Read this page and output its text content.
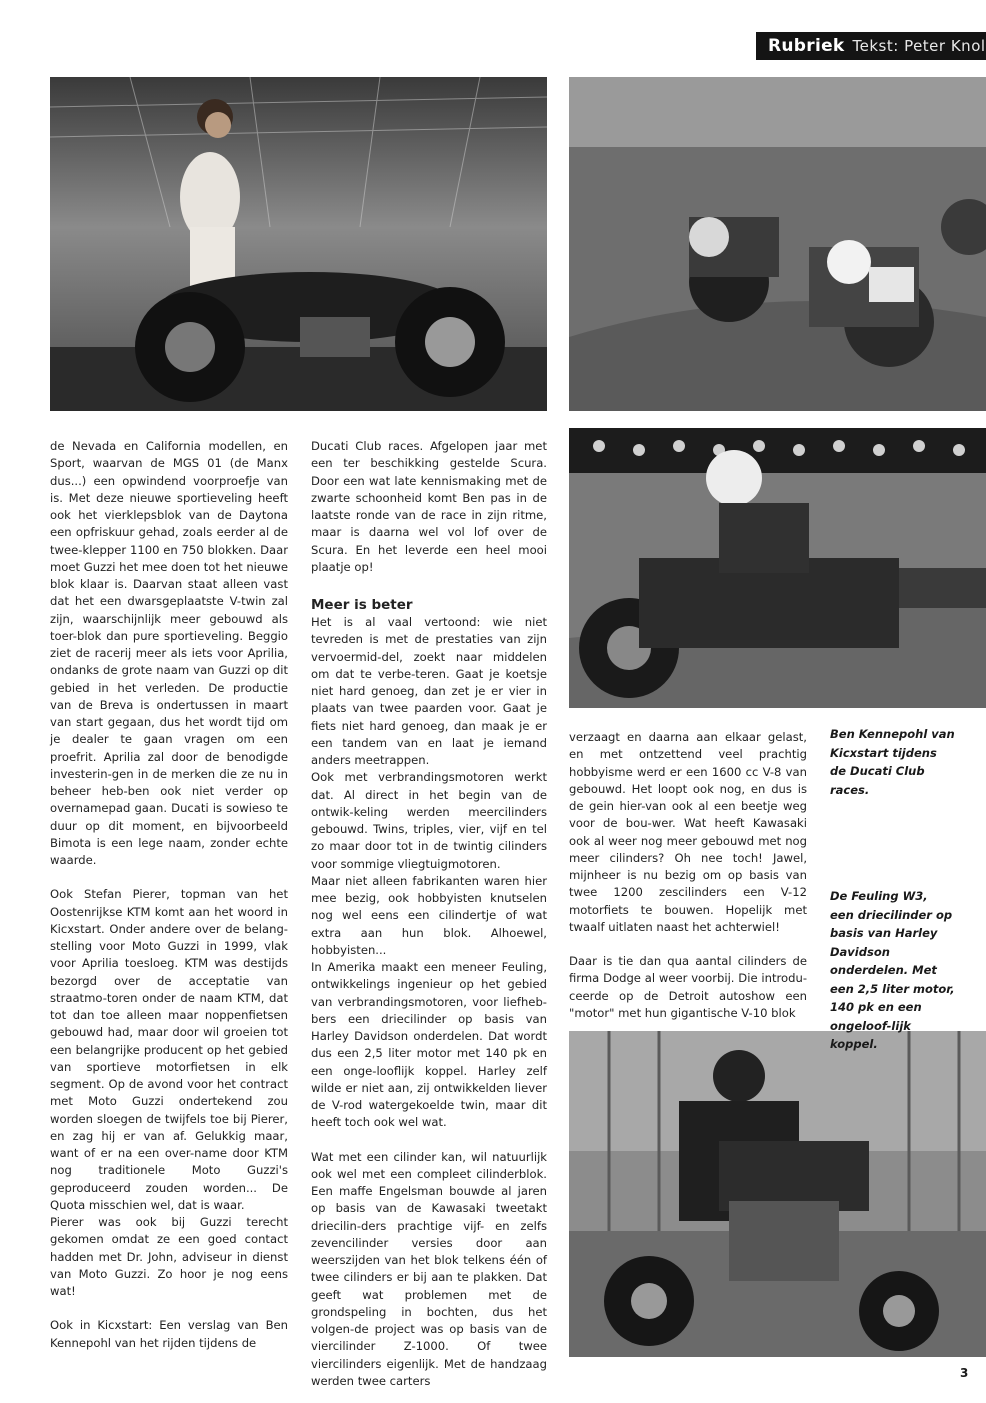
Rubriek Tekst: Peter Knol

de Nevada en California modellen, en Sport, waarvan de MGS 01 (de Manx dus...) een opwindend voorproefje van is. Met deze nieuwe sportieveling heeft ook het vierklepsblok van de Daytona een opfriskuur gehad, zoals eerder al de twee-klepper 1100 en 750 blokken. Daar moet Guzzi het mee doen tot het nieuwe blok klaar is. Daarvan staat alleen vast dat het een dwarsgeplaatste V-twin zal zijn, waarschijnlijk meer gebouwd als toer-blok dan pure sportieveling. Beggio ziet de racerij meer als iets voor Aprilia, ondanks de grote naam van Guzzi op dit gebied in het verleden. De productie van de Breva is ondertussen in maart van start gegaan, dus het wordt tijd om je dealer te gaan vragen om een proefrit. Aprilia zal door de benodigde investerin-gen in de merken die ze nu in beheer heb-ben ook niet verder op overnamepad gaan. Ducati is sowieso te duur op dit moment, en bijvoorbeeld Bimota is een lege naam, zonder echte waarde.

Ook Stefan Pierer, topman van het Oostenrijkse KTM komt aan het woord in Kicxstart. Onder andere over de belang-stelling voor Moto Guzzi in 1999, vlak voor Aprilia toesloeg. KTM was destijds bezorgd over de acceptatie van straatmo-toren onder de naam KTM, dat tot dan toe alleen maar noppenfietsen gebouwd had, maar door wil groeien tot een belangrijke producent op het gebied van sportieve motorfietsen in elk segment. Op de avond voor het contract met Moto Guzzi ondertekend zou worden sloegen de twijfels toe bij Pierer, en zag hij er van af. Gelukkig maar, want of er na een over-name door KTM nog traditionele Moto Guzzi's geproduceerd zouden worden... De Quota misschien wel, dat is waar.

Pierer was ook bij Guzzi terecht gekomen omdat ze een goed contact hadden met Dr. John, adviseur in dienst van Moto Guzzi. Zo hoor je nog eens wat!

Ook in Kicxstart: Een verslag van Ben Kennepohl van het rijden tijdens de

Ducati Club races. Afgelopen jaar met een ter beschikking gestelde Scura. Door een wat late kennismaking met de zwarte schoonheid komt Ben pas in de laatste ronde van de race in zijn ritme, maar is daarna wel vol lof over de Scura. En het leverde een heel mooi plaatje op!

Meer is beter

Het is al vaal vertoond: wie niet tevreden is met de prestaties van zijn vervoermid-del, zoekt naar middelen om dat te verbe-teren. Gaat je koetsje niet hard genoeg, dan zet je er vier in plaats van twee paarden voor. Gaat je fiets niet hard genoeg, dan maak je er een tandem van en laat je iemand anders meetrappen.

Ook met verbrandingsmotoren werkt dat. Al direct in het begin van de ontwik-keling werden meercilinders gebouwd. Twins, triples, vier, vijf en tel zo maar door tot in de twintig cilinders voor sommige vliegtuigmotoren.

Maar niet alleen fabrikanten waren hier mee bezig, ook hobbyisten knutselen nog wel eens een cilindertje of wat extra aan hun blok. Alhoewel, hobbyisten...

In Amerika maakt een meneer Feuling, ontwikkelings ingenieur op het gebied van verbrandingsmotoren, voor liefheb-bers een driecilinder op basis van Harley Davidson onderdelen. Dat wordt dus een 2,5 liter motor met 140 pk en een onge-looflijk koppel. Harley zelf wilde er niet aan, zij ontwikkelden liever de V-rod watergekoelde twin, maar dit heeft toch ook wel wat.

Wat met een cilinder kan, wil natuurlijk ook wel met een compleet cilinderblok. Een maffe Engelsman bouwde al jaren op basis van de Kawasaki tweetakt driecilin-ders prachtige vijf- en zelfs zevencilinder versies door aan weerszijden van het blok telkens één of twee cilinders er bij aan te plakken. Dat geeft wat problemen met de grondspeling in bochten, dus het volgen-de project was op basis van de viercilinder Z-1000. Of twee viercilinders eigenlijk. Met de handzaag werden twee carters

verzaagt en daarna aan elkaar gelast, en met ontzettend veel prachtig hobbyisme werd er een 1600 cc V-8 van gebouwd. Het loopt ook nog, en dus is de gein hier-van ook al een beetje weg voor de bou-wer. Wat heeft Kawasaki ook al weer nog meer gebouwd met nog meer cilinders? Oh nee toch! Jawel, mijnheer is nu bezig om op basis van twee 1200 zescilinders een V-12 motorfiets te bouwen. Hopelijk met twaalf uitlaten naast het achterwiel!

Daar is tie dan qua aantal cilinders de firma Dodge al weer voorbij. Die introdu-ceerde op de Detroit autoshow een "motor" met hun gigantische V-10 blok

Ben Kennepohl van Kicxstart tijdens de Ducati Club races.
De Feuling W3, een driecilinder op basis van Harley Davidson onderdelen. Met een 2,5 liter motor, 140 pk en een ongeloof-lijk koppel.
3
